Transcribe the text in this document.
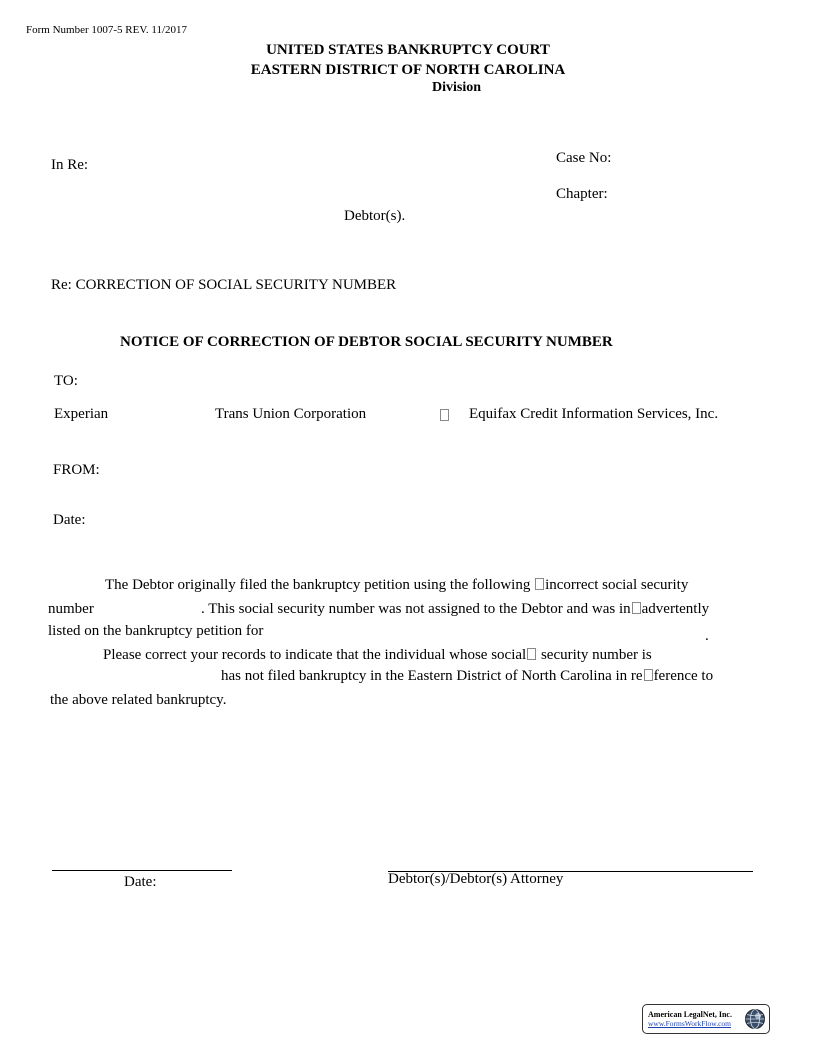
Form Number 1007-5 REV. 11/2017
UNITED STATES BANKRUPTCY COURT
EASTERN DISTRICT OF NORTH CAROLINA
Division
In Re:	Case No:
Chapter:
Debtor(s).
Re: CORRECTION OF SOCIAL SECURITY NUMBER
NOTICE OF CORRECTION OF DEBTOR SOCIAL SECURITY NUMBER
TO:
Experian	Trans Union Corporation	Equifax Credit Information Services, Inc.
FROM:
Date:
The Debtor originally filed the bankruptcy petition using the following incorrect social security
number	. This social security number was not assigned to the Debtor and was in advertently
listed on the bankruptcy petition for	.
Please correct your records to indicate that the individual whose social security number is
has not filed bankruptcy in the Eastern District of North Carolina in re ference to
the above related bankruptcy.
Date:	Debtor(s)/Debtor(s) Attorney
American LegalNet, Inc.
www.FormsWorkFlow.com
